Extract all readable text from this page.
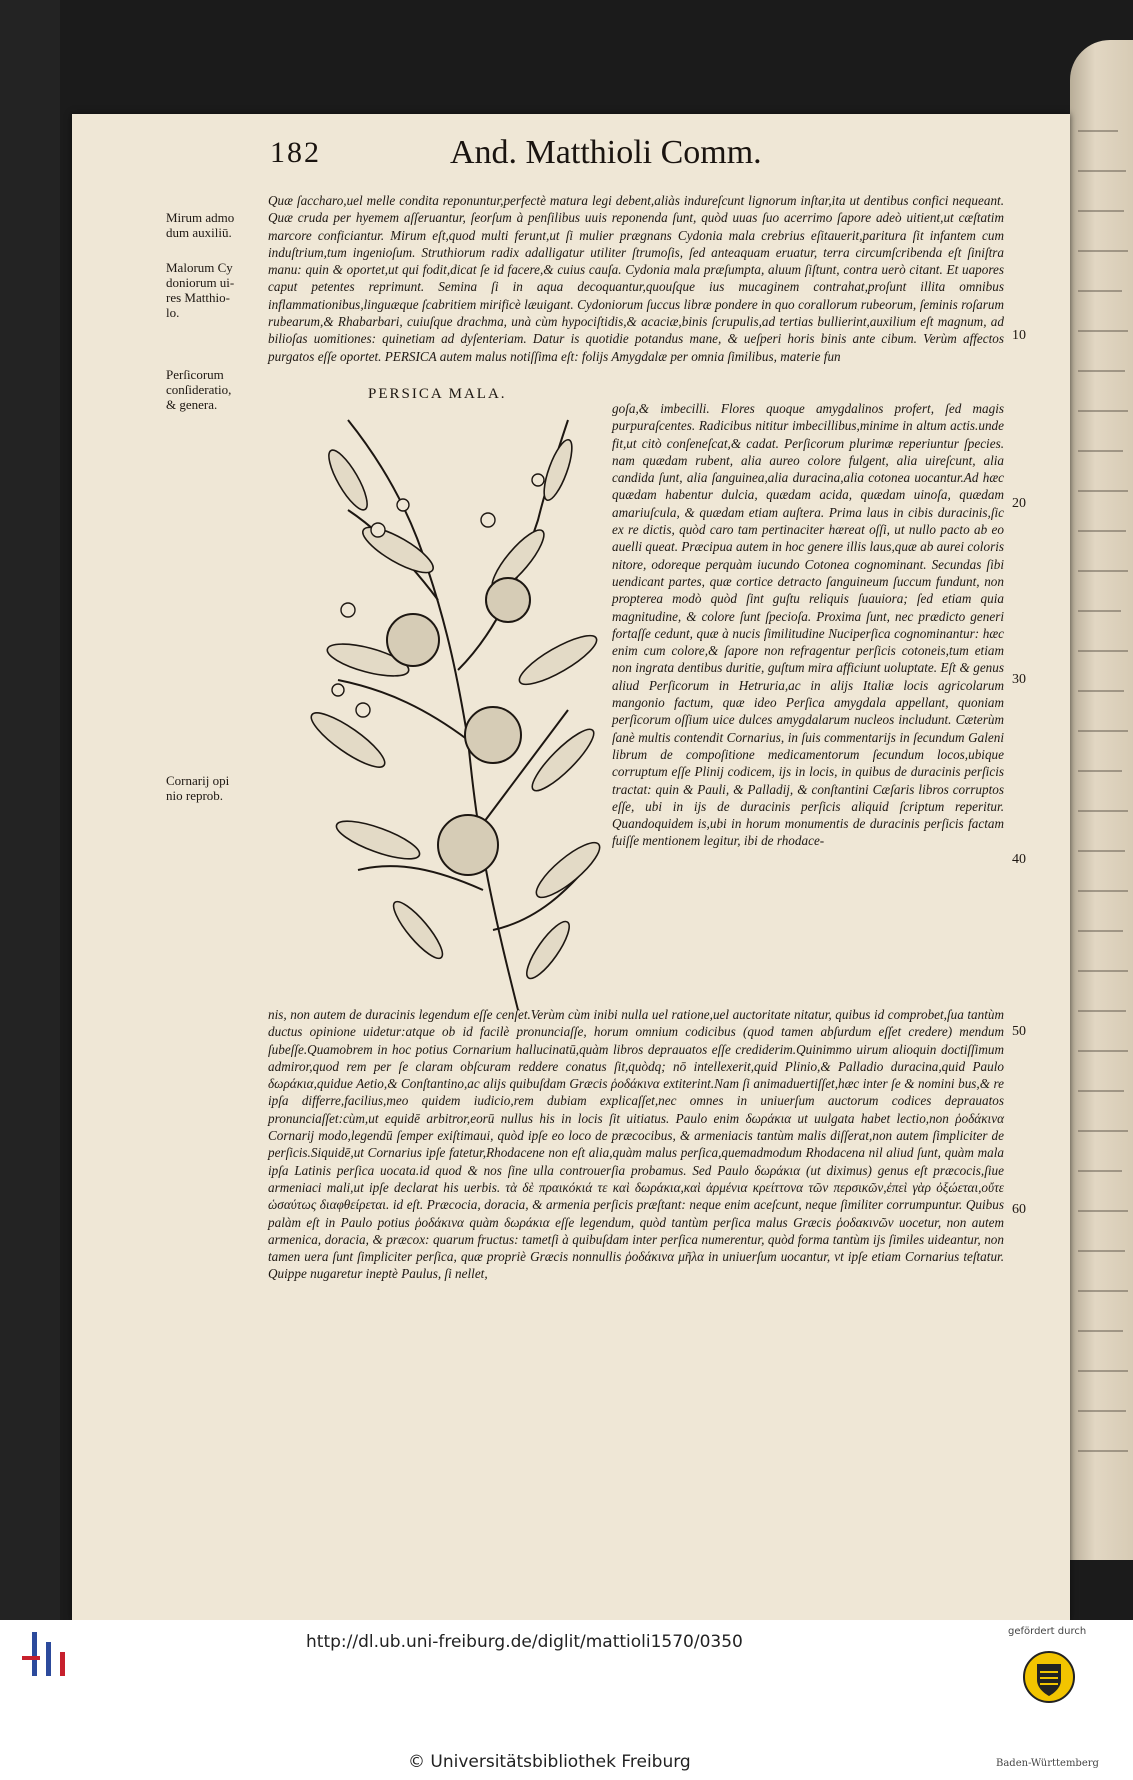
182	And. Matthioli Comm.
Mirum admo
dum auxiliū.
Malorum Cy
doniorum ui-
res Matthio-
lo.
Perſicorum
conſideratio,
& genera.
Cornarij opi
nio reprob.
10
20
30
40
50
60
Quæ ſaccharo,uel melle condita reponuntur,perfectè matura legi debent,aliàs indureſcunt lignorum inſtar,ita ut dentibus confici nequeant. Quæ cruda per hyemem aſſeruantur, ſeorſum à penſilibus uuis reponenda ſunt, quòd uuas ſuo acerrimo ſapore adeò uitient,ut cæſtatim marcore conficiantur. Mirum eſt,quod multi ferunt,ut ſi mulier prægnans Cydonia mala crebrius eſitauerit,paritura ſit infantem cum induſtrium,tum ingenioſum. Struthiorum radix adalligatur utiliter ſtrumoſis, ſed anteaquam eruatur, terra circumſcribenda eſt ſiniſtra manu: quin & oportet,ut qui fodit,dicat ſe id facere,& cuius cauſa. Cydonia mala præſumpta, aluum ſiſtunt, contra uerò citant. Et uapores caput petentes reprimunt. Semina ſi in aqua decoquantur,quouſque ius mucaginem contrahat,proſunt illita omnibus inflammationibus,linguæque ſcabritiem mirificè læuigant. Cydoniorum ſuccus libræ pondere in quo corallorum rubeorum, ſeminis roſarum rubearum,& Rhabarbari, cuiuſque drachma, unà cùm hypociſtidis,& acaciæ,binis ſcrupulis,ad tertias bullierint,auxilium eſt magnum, ad bilioſas uomitiones: quinetiam ad dyſenteriam. Datur is quotidie potandus mane, & ueſperi horis binis ante cibum. Verùm affectos purgatos eſſe oportet. PERSICA autem malus notiſſima eſt: folijs Amygdalæ per omnia ſimilibus, materie fun
PERSICA MALA.
goſa,& imbecilli. Flores quoque amygdalinos profert, ſed magis purpuraſcentes. Radicibus nititur imbecillibus,minime in altum actis.unde fit,ut citò conſeneſcat,& cadat. Perſicorum plurimæ reperiuntur ſpecies. nam quædam rubent, alia aureo colore fulgent, alia uireſcunt, alia candida ſunt, alia ſanguinea,alia duracina,alia cotonea uocantur.Ad hæc quædam habentur dulcia, quædam acida, quædam uinoſa, quædam amariuſcula, & quædam etiam auſtera. Prima laus in cibis duracinis,ſic ex re dictis, quòd caro tam pertinaciter hæreat oſſi, ut nullo pacto ab eo auelli queat. Præcipua autem in hoc genere illis laus,quæ ab aurei coloris nitore, odoreque perquàm iucundo Cotonea cognominant. Secundas ſibi uendicant partes, quæ cortice detracto ſanguineum ſuccum fundunt, non propterea modò quòd ſint guſtu reliquis ſuauiora; ſed etiam quia magnitudine, & colore ſunt ſpecioſa. Proxima ſunt, nec prædicto generi fortaſſe cedunt, quæ à nucis ſimilitudine Nuciperſica cognominantur: hæc enim cum colore,& ſapore non refragentur perſicis cotoneis,tum etiam non ingrata dentibus duritie, guſtum mira afficiunt uoluptate. Eſt & genus aliud Perſicorum in Hetruria,ac in alijs Italiæ locis agricolarum mangonio factum, quæ ideo Perſica amygdala appellant, quoniam perſicorum oſſium uice dulces amygdalarum nucleos includunt. Cæterùm ſanè multis contendit Cornarius, in ſuis commentarijs in ſecundum Galeni librum de compoſitione medicamentorum ſecundum locos,ubique corruptum eſſe Plinij codicem, ijs in locis, in quibus de duracinis perſicis tractat: quin & Pauli, & Palladij, & conſtantini Cæſaris libros corruptos eſſe, ubi in ijs de duracinis perſicis aliquid ſcriptum reperitur. Quandoquidem is,ubi in horum monumentis de duracinis perſicis factam fuiſſe mentionem legitur, ibi de rhodace-
nis, non autem de duracinis legendum eſſe cenſet.Verùm cùm inibi nulla uel ratione,uel auctoritate nitatur, quibus id comprobet,ſua tantùm ductus opinione uidetur:atque ob id facilè pronunciaſſe, horum omnium codicibus (quod tamen abſurdum eſſet credere) mendum ſubeſſe.Quamobrem in hoc potius Cornarium hallucinatū,quàm libros deprauatos eſſe crediderim.Quinimmo uirum alioquin doctiſſimum admiror,quod rem per ſe claram obſcuram reddere conatus ſit,quòdq; nō intellexerit,quid Plinio,& Palladio duracina,quid Paulo δωράκια,quidue Aetio,& Conſtantino,ac alijs quibuſdam Græcis ῥοδάκινα extiterint.Nam ſi animaduertiſſet,hæc inter ſe & nomini bus,& re ipſa differre,facilius,meo quidem iudicio,rem dubiam explicaſſet,nec omnes in uniuerſum auctorum codices deprauatos pronunciaſſet:cùm,ut equidē arbitror,eorū nullus his in locis ſit uitiatus. Paulo enim δωράκια ut uulgata habet lectio,non ῥοδάκινα Cornarij modo,legendū ſemper exiſtimaui, quòd ipſe eo loco de præcocibus, & armeniacis tantùm malis diſſerat,non autem ſimpliciter de perſicis.Siquidē,ut Cornarius ipſe fatetur,Rhodacene non eſt alia,quàm malus perſica,quemadmodum Rhodacena nil aliud ſunt, quàm mala ipſa Latinis perſica uocata.id quod & nos ſine ulla controuerſia probamus. Sed Paulo δωράκια (ut diximus) genus eſt præcocis,ſiue armeniaci mali,ut ipſe declarat his uerbis. τὰ δὲ πραικόκιά τε καὶ δωράκια,καὶ ἀρμένια κρείττονα τῶν περσικῶν,ἐπεὶ γὰρ ὀξώεται,οὔτε ὡσαύτως διαφθείρεται. id eſt. Præcocia, doracia, & armenia perſicis præſtant: neque enim aceſcunt, neque ſimiliter corrumpuntur. Quibus palàm eſt in Paulo potius ῥοδάκινα quàm δωράκια eſſe legendum, quòd tantùm perſica malus Græcis ῥοδακινῶν uocetur, non autem armenica, doracia, & præcox: quarum fructus: tametſi à quibuſdam inter perſica numerentur, quòd forma tantùm ijs ſimiles uideantur, non tamen uera ſunt ſimpliciter perſica, quæ propriè Græcis nonnullis ῥοδάκινα μῆλα in uniuerſum uocantur, vt ipſe etiam Cornarius teſtatur. Quippe nugaretur ineptè Paulus, ſi nellet,
http://dl.ub.uni-freiburg.de/diglit/mattioli1570/0350
© Universitätsbibliothek Freiburg
gefördert durch
Baden-Württemberg
